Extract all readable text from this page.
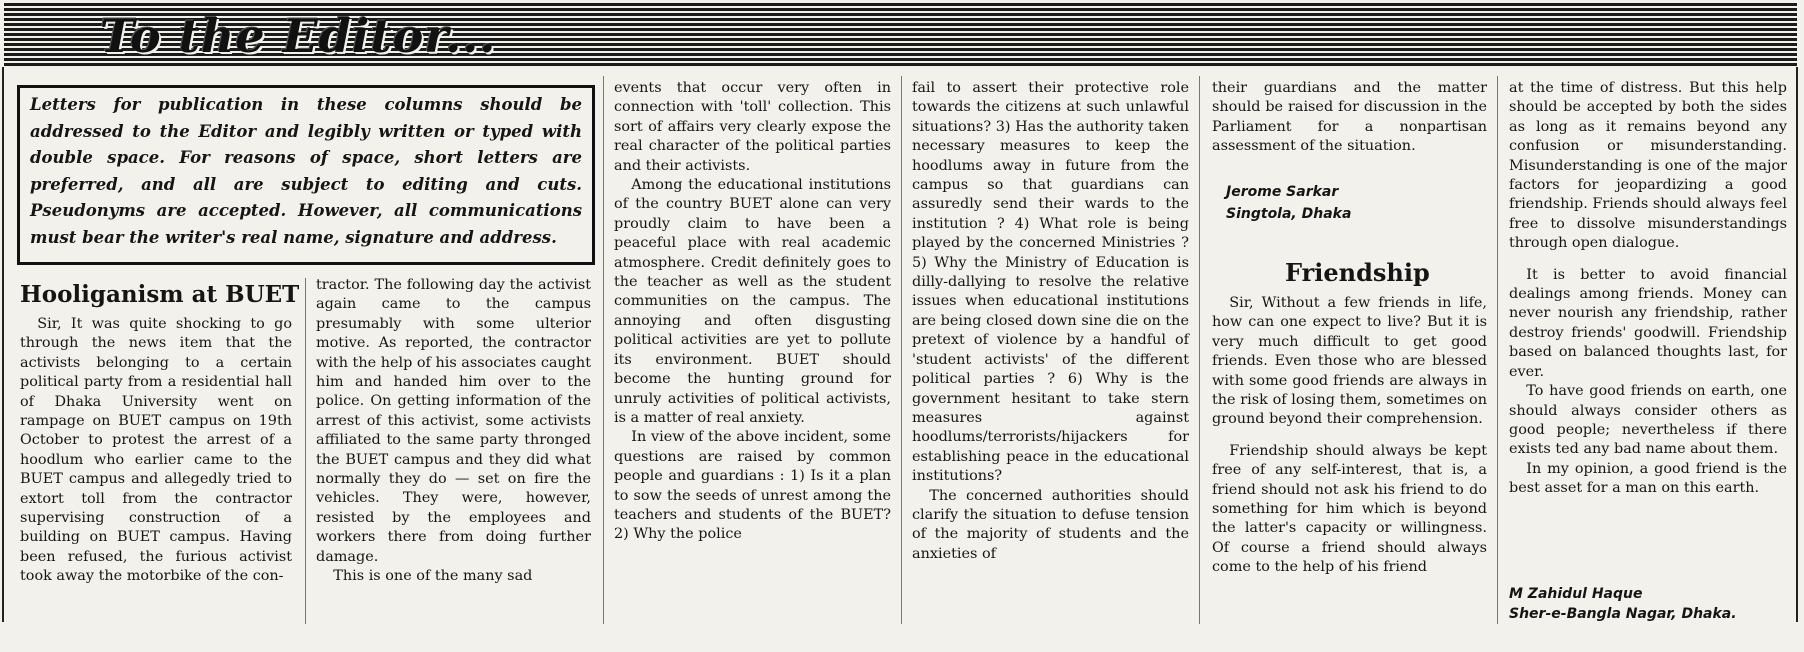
To the Editor...
Letters for publication in these columns should be addressed to the Editor and legibly written or typed with double space. For reasons of space, short letters are preferred, and all are subject to editing and cuts. Pseudonyms are accepted. However, all communications must bear the writer's real name, signature and address.
Hooliganism at BUET

Sir, It was quite shocking to go through the news item that the activists belonging to a certain political party from a residential hall of Dhaka University went on rampage on BUET campus on 19th October to protest the arrest of a hoodlum who earlier came to the BUET campus and allegedly tried to extort toll from the contractor supervising construction of a building on BUET campus. Having been refused, the furious activist took away the motorbike of the con-

tractor. The following day the activist again came to the campus presumably with some ulterior motive. As reported, the contractor with the help of his associates caught him and handed him over to the police. On getting information of the arrest of this activist, some activists affiliated to the same party thronged the BUET campus and they did what normally they do — set on fire the vehicles. They were, however, resisted by the employees and workers there from doing further damage.

This is one of the many sad

events that occur very often in connection with 'toll' collection. This sort of affairs very clearly expose the real character of the political parties and their activists.

Among the educational institutions of the country BUET alone can very proudly claim to have been a peaceful place with real academic atmosphere. Credit definitely goes to the teacher as well as the student communities on the campus. The annoying and often disgusting political activities are yet to pollute its environment. BUET should become the hunting ground for unruly activities of political activists, is a matter of real anxiety.

In view of the above incident, some questions are raised by common people and guardians : 1) Is it a plan to sow the seeds of unrest among the teachers and students of the BUET? 2) Why the police

fail to assert their protective role towards the citizens at such unlawful situations? 3) Has the authority taken necessary measures to keep the hoodlums away in future from the campus so that guardians can assuredly send their wards to the institution ? 4) What role is being played by the concerned Ministries ? 5) Why the Ministry of Education is dilly-dallying to resolve the relative issues when educational institutions are being closed down sine die on the pretext of violence by a handful of 'student activists' of the different political parties ? 6) Why is the government hesitant to take stern measures against hoodlums/terrorists/hijackers for establishing peace in the educational institutions?

The concerned authorities should clarify the situation to defuse tension of the majority of students and the anxieties of

their guardians and the matter should be raised for discussion in the Parliament for a nonpartisan assessment of the situation.

Jerome Sarkar
Singtola, Dhaka
Friendship

Sir, Without a few friends in life, how can one expect to live? But it is very much difficult to get good friends. Even those who are blessed with some good friends are always in the risk of losing them, sometimes on ground beyond their comprehension.

Friendship should always be kept free of any self-interest, that is, a friend should not ask his friend to do something for him which is beyond the latter's capacity or willingness. Of course a friend should always come to the help of his friend

at the time of distress. But this help should be accepted by both the sides as long as it remains beyond any confusion or misunderstanding. Misunderstanding is one of the major factors for jeopardizing a good friendship. Friends should always feel free to dissolve misunderstandings through open dialogue.

It is better to avoid financial dealings among friends. Money can never nourish any friendship, rather destroy friends' goodwill. Friendship based on balanced thoughts last, for ever.

To have good friends on earth, one should always consider others as good people; nevertheless if there exists ted any bad name about them.

In my opinion, a good friend is the best asset for a man on this earth.

M Zahidul Haque
Sher-e-Bangla Nagar, Dhaka.
